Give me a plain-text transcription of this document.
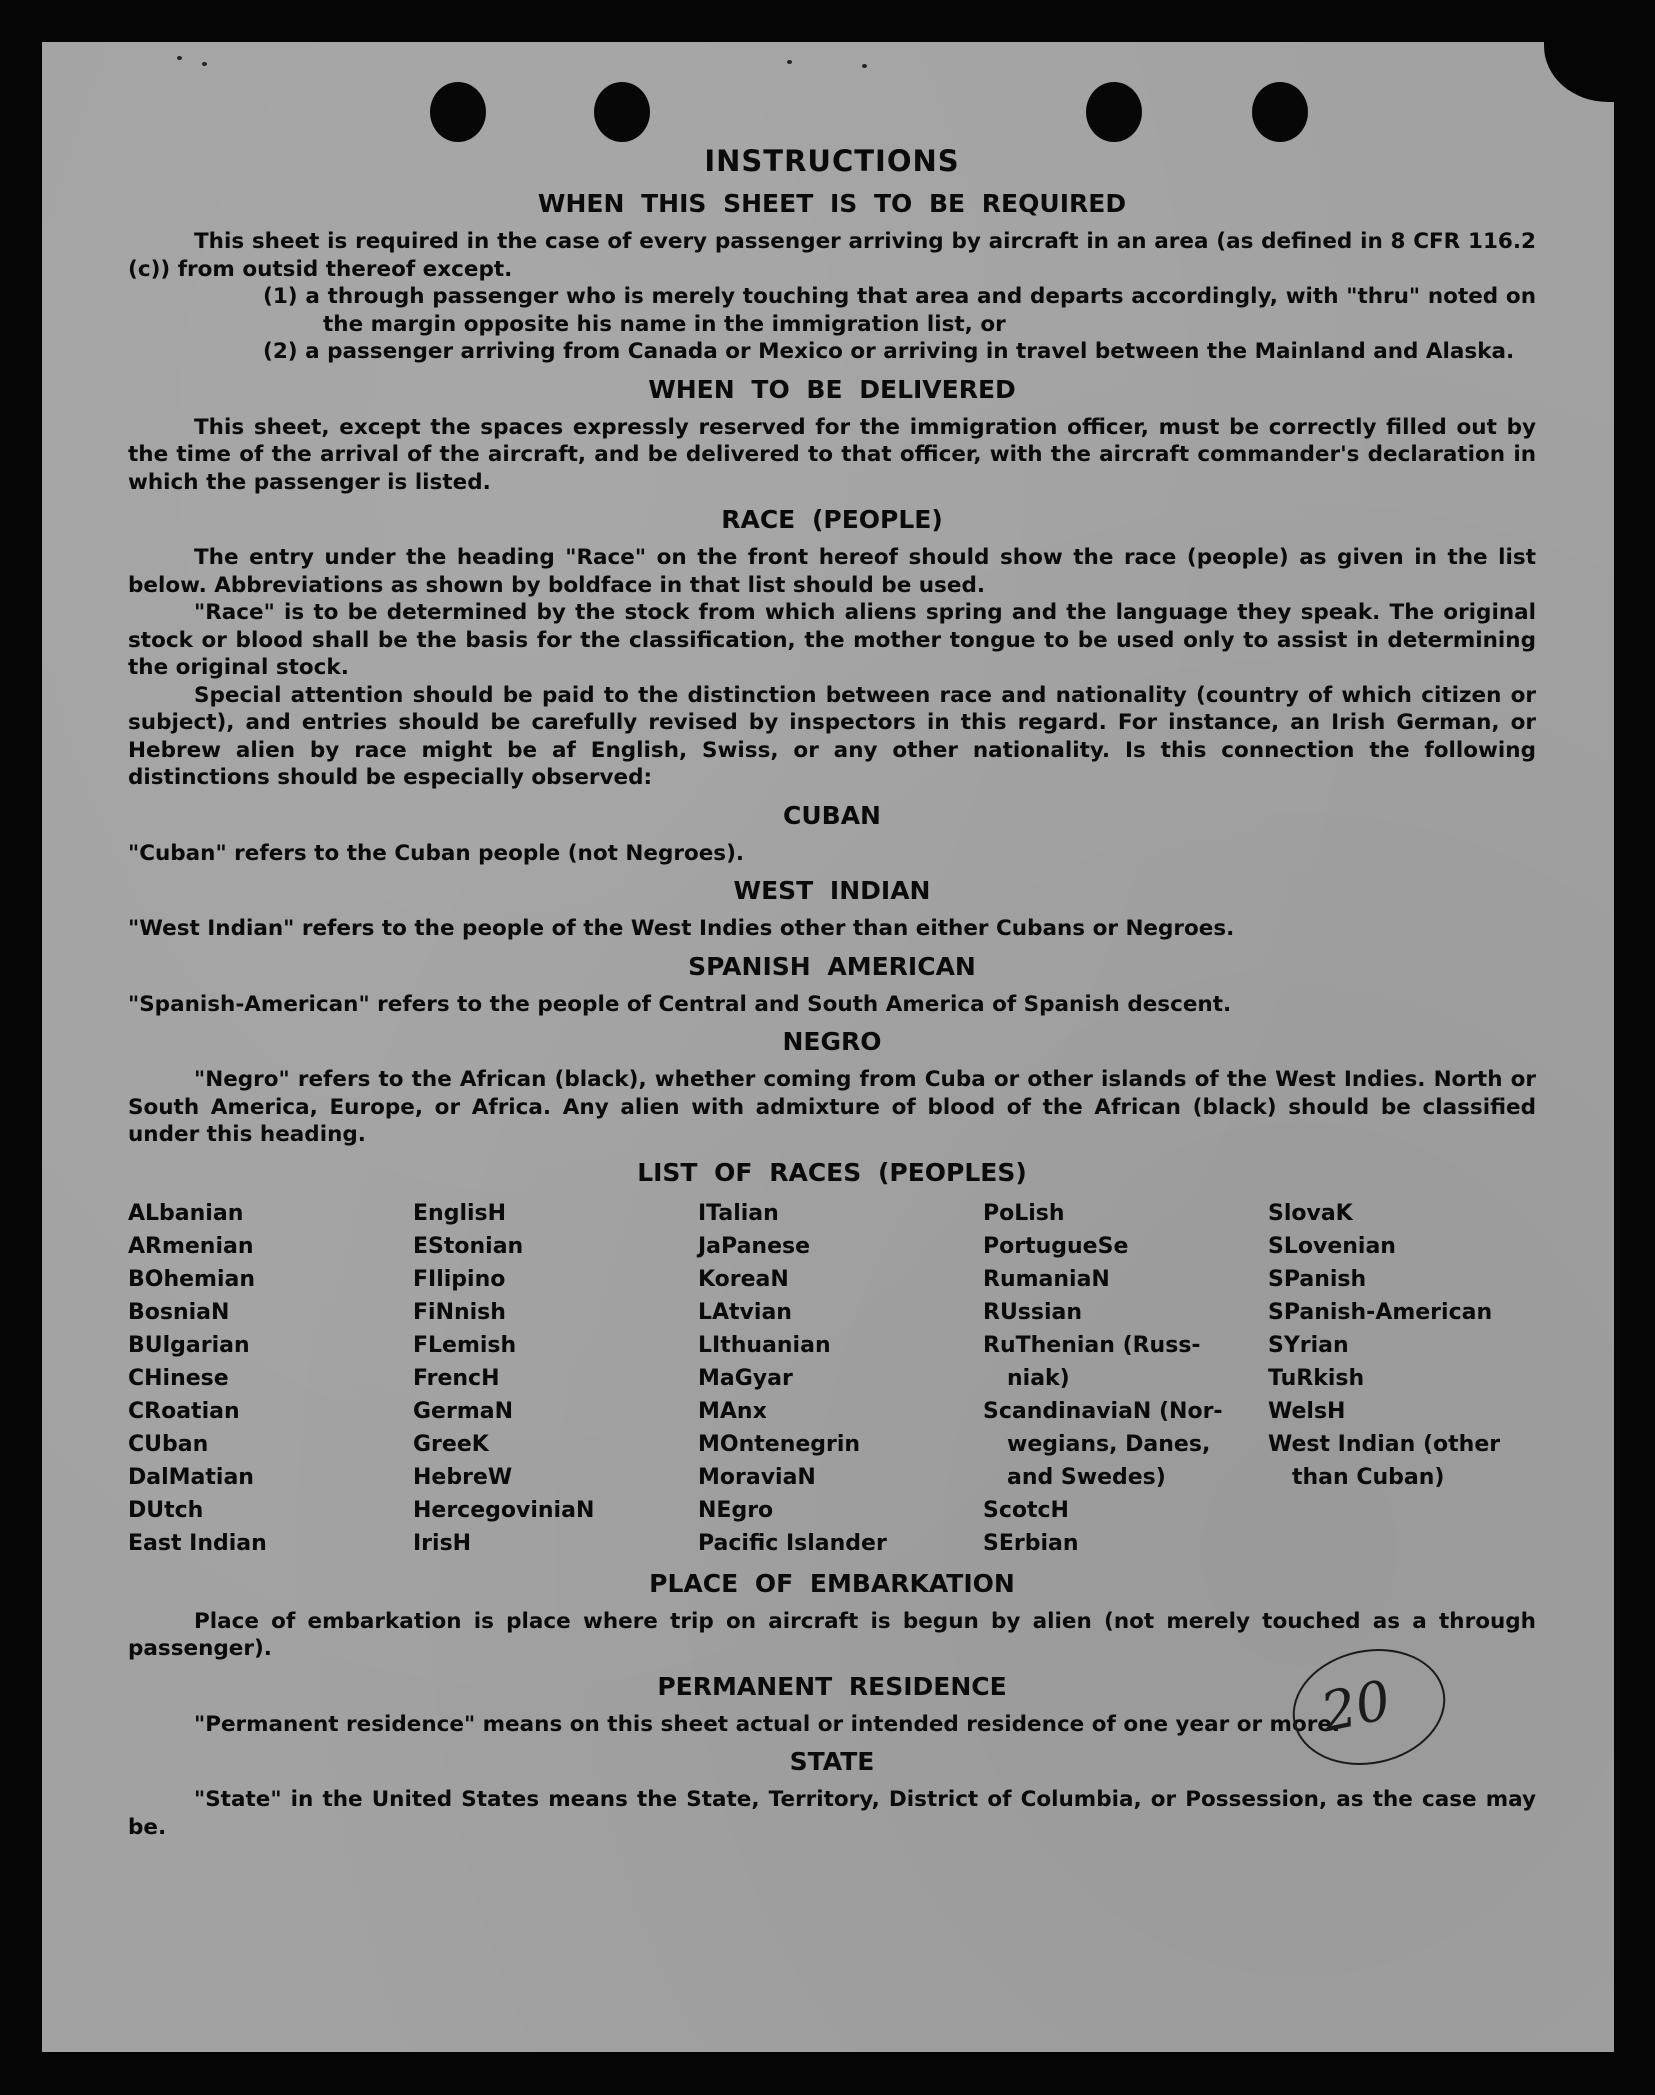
INSTRUCTIONS
WHEN THIS SHEET IS TO BE REQUIRED

This sheet is required in the case of every passenger arriving by aircraft in an area (as defined in 8 CFR 116.2 (c)) from outsid thereof except.

(1) a through passenger who is merely touching that area and departs accordingly, with "thru" noted on the margin opposite his name in the immigration list, or

(2) a passenger arriving from Canada or Mexico or arriving in travel between the Mainland and Alaska.

WHEN TO BE DELIVERED

This sheet, except the spaces expressly reserved for the immigration officer, must be correctly filled out by the time of the arrival of the aircraft, and be delivered to that officer, with the aircraft commander's declaration in which the passenger is listed.

RACE (PEOPLE)

The entry under the heading "Race" on the front hereof should show the race (people) as given in the list below. Abbreviations as shown by boldface in that list should be used.

"Race" is to be determined by the stock from which aliens spring and the language they speak. The original stock or blood shall be the basis for the classification, the mother tongue to be used only to assist in determining the original stock.

Special attention should be paid to the distinction between race and nationality (country of which citizen or subject), and entries should be carefully revised by inspectors in this regard. For instance, an Irish German, or Hebrew alien by race might be af English, Swiss, or any other nationality. Is this connection the following distinctions should be especially observed:

CUBAN

"Cuban" refers to the Cuban people (not Negroes).

WEST INDIAN

"West Indian" refers to the people of the West Indies other than either Cubans or Negroes.

SPANISH AMERICAN

"Spanish-American" refers to the people of Central and South America of Spanish descent.

NEGRO

"Negro" refers to the African (black), whether coming from Cuba or other islands of the West Indies. North or South America, Europe, or Africa. Any alien with admixture of blood of the African (black) should be classified under this heading.

LIST OF RACES (PEOPLES)
ALbanian
ARmenian
BOhemian
BosniaN
BUlgarian
CHinese
CRoatian
CUban
DalMatian
DUtch
East Indian
EnglisH
EStonian
FIlipino
FiNnish
FLemish
FrencH
GermaN
GreeK
HebreW
HercegoviniaN
IrisH
ITalian
JaPanese
KoreaN
LAtvian
LIthuanian
MaGyar
MAnx
MOntenegrin
MoraviaN
NEgro
Pacific Islander
PoLish
PortugueSe
RumaniaN
RUssian
RuThenian (Russ-
niak)
ScandinaviaN (Nor-
wegians, Danes,
and Swedes)
ScotcH
SErbian
SlovaK
SLovenian
SPanish
SPanish-American
SYrian
TuRkish
WelsH
West Indian (other
than Cuban)
PLACE OF EMBARKATION

Place of embarkation is place where trip on aircraft is begun by alien (not merely touched as a through passenger).

PERMANENT RESIDENCE

"Permanent residence" means on this sheet actual or intended residence of one year or more.

STATE

"State" in the United States means the State, Territory, District of Columbia, or Possession, as the case may be.

20
